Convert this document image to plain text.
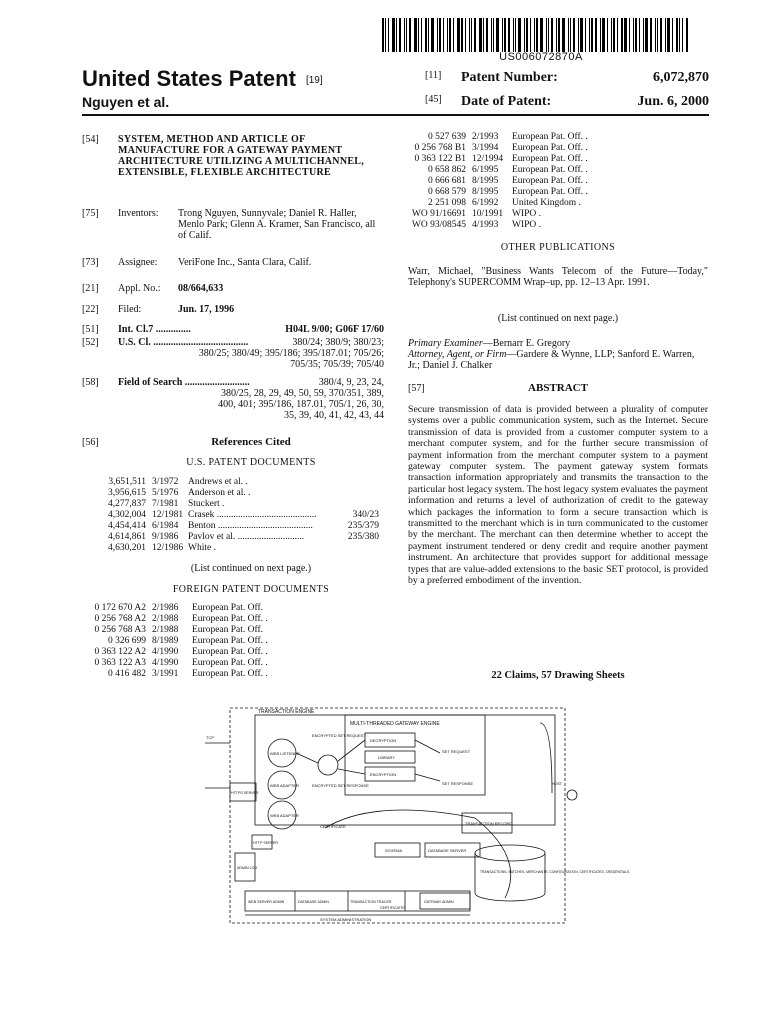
US006072870A
United States Patent [19]
Nguyen et al.
[11]	Patent Number:	6,072,870
[45]	Date of Patent:	Jun. 6, 2000
[54] SYSTEM, METHOD AND ARTICLE OF MANUFACTURE FOR A GATEWAY PAYMENT ARCHITECTURE UTILIZING A MULTICHANNEL, EXTENSIBLE, FLEXIBLE ARCHITECTURE
[75] Inventors:	Trong Nguyen, Sunnyvale; Daniel R. Haller, Menlo Park; Glenn A. Kramer, San Francisco, all of Calif.
[73] Assignee:	VeriFone Inc., Santa Clara, Calif.
[21] Appl. No.:	08/664,633
[22] Filed:	Jun. 17, 1996
[51] Int. Cl.7 ..............	H04L 9/00; G06F 17/60
[52] U.S. Cl. ......................................	380/24; 380/9; 380/23;
380/25; 380/49; 395/186; 395/187.01; 705/26;
705/35; 705/39; 705/40
[58] Field of Search ..........................	380/4, 9, 23, 24,
380/25, 28, 29, 49, 50, 59, 370/351, 389,
400, 401; 395/186, 187.01, 705/1, 26, 30,
35, 39, 40, 41, 42, 43, 44
[56]	References Cited
U.S. PATENT DOCUMENTS
3,651,511 3/1972	Andrews et al. .
3,956,615 5/1976	Anderson et al. .
4,277,837 7/1981	Stuckert .
4,302,004 12/1981 Crasek ..........................................	340/23
4,454,414 6/1984	Benton ........................................	235/379
4,614,861 9/1986	Pavlov et al. ............................	235/380
4,630,201 12/1986 White .
(List continued on next page.)
FOREIGN PATENT DOCUMENTS
0 172 670 A2 2/1986	European Pat. Off.
0 256 768 A2 2/1988	European Pat. Off. .
0 256 768 A3 2/1988	European Pat. Off.
0 326 699 8/1989	European Pat. Off. .
0 363 122 A2 4/1990	European Pat. Off. .
0 363 122 A3 4/1990	European Pat. Off. .
0 416 482 3/1991	European Pat. Off. .
0 527 639 2/1993	European Pat. Off. .
0 256 768 B1 3/1994	European Pat. Off. .
0 363 122 B1 12/1994 European Pat. Off. .
0 658 862 6/1995	European Pat. Off. .
0 666 681 8/1995	European Pat. Off. .
0 668 579 8/1995	European Pat. Off. .
2 251 098 6/1992	United Kingdom .
WO 91/16691 10/1991 WIPO .
WO 93/08545 4/1993	WIPO .
OTHER PUBLICATIONS
Warr, Michael, "Business Wants Telecom of the Future—Today," Telephony's SUPERCOMM Wrap–up, pp. 12–13 Apr. 1991.
(List continued on next page.)
Primary Examiner—Bernarr E. Gregory
Attorney, Agent, or Firm—Gardere & Wynne, LLP; Sanford E. Warren, Jr.; Daniel J. Chalker
[57]	ABSTRACT
Secure transmission of data is provided between a plurality of computer systems over a public communication system, such as the Internet. Secure transmission of data is provided from a customer computer system to a merchant computer system, and for the further secure transmission of payment information from the merchant computer system to a payment gateway computer system. The payment gateway system formats transaction information appropriately and transmits the transaction to the particular host legacy system. The host legacy system evaluates the payment information and returns a level of authorization of credit to the gateway which packages the information to form a secure transaction which is transmitted to the merchant which is in turn communicated to the customer by the merchant. The merchant can then determine whether to accept the payment instrument tendered or deny credit and require another payment instrument. An architecture that provides support for additional message types that are value-added extensions to the basic SET protocol, is provided by a preferred embodiment of the invention.
22 Claims, 57 Drawing Sheets
TRANSACTION ENGINE
MULTI-THREADED GATEWAY ENGINE
WEB LISTENER
WEB ADAPTER
WEB ADAPTER
ENCRYPTED SET REQUEST
DECRYPTION
LIBRARY
ENCRYPTION
ENCRYPTED SET RESPONSE
SET REQUEST
SET RESPONSE
HTTPS SERVER
HTTP SERVER
ADMIN LOG
CERTIFICATE
TRANSACTION RECORD
SCHEMA	DATABASE SERVER
TRANSACTIONS, BATCHES, MERCHANTS, CONFIGURATION, CERTIFICATES, CREDENTIALS
WEB SERVER ADMIN	DATABASE ADMIN	TRANSACTION TRACER
CERTIFICATES
GATEWAY ADMIN
SYSTEM ADMINISTRATION
TCP
HOST
